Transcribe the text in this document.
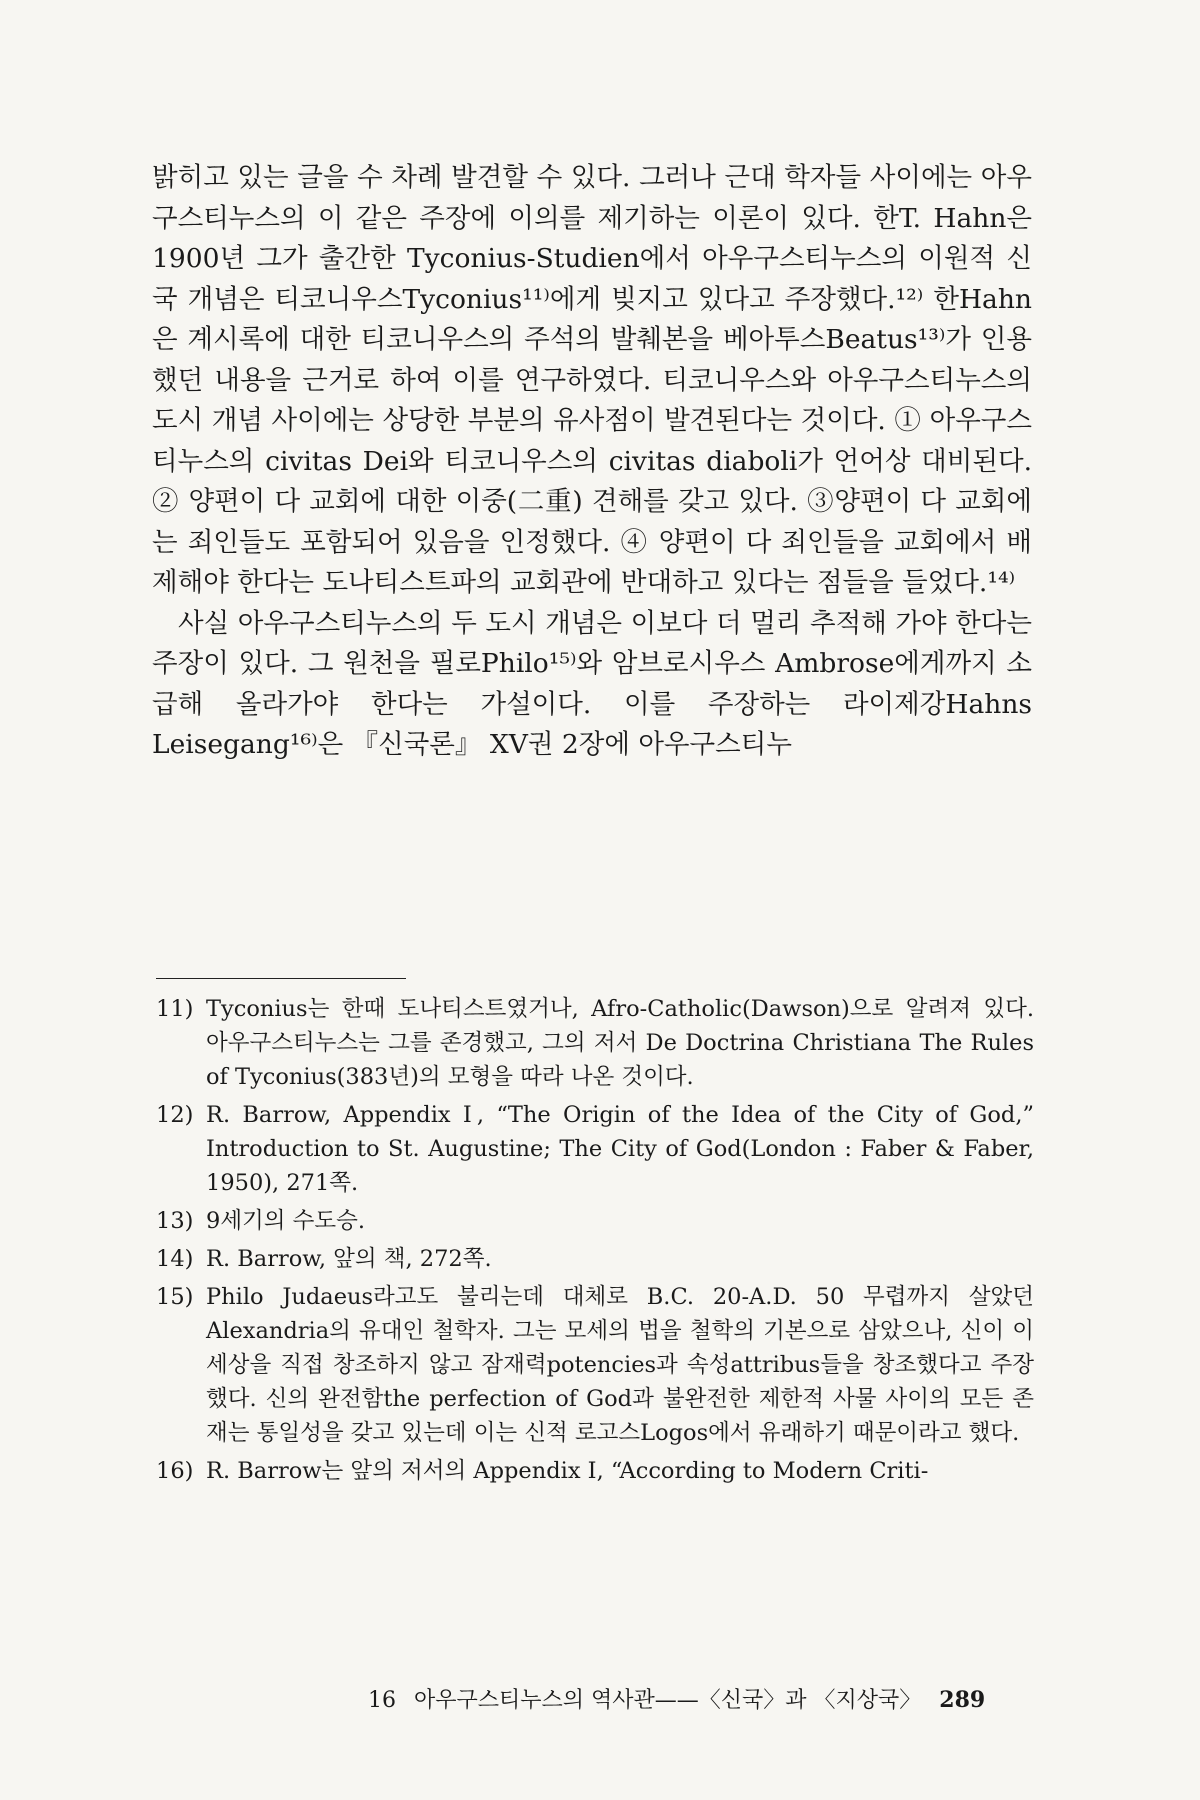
밝히고 있는 글을 수 차례 발견할 수 있다. 그러나 근대 학자들 사이에는 아우구스티누스의 이 같은 주장에 이의를 제기하는 이론이 있다. 한T. Hahn은 1900년 그가 출간한 Tyconius-Studien에서 아우구스티누스의 이원적 신국 개념은 티코니우스Tyconius¹¹⁾에게 빚지고 있다고 주장했다.¹²⁾ 한Hahn은 계시록에 대한 티코니우스의 주석의 발췌본을 베아투스Beatus¹³⁾가 인용했던 내용을 근거로 하여 이를 연구하였다. 티코니우스와 아우구스티누스의 도시 개념 사이에는 상당한 부분의 유사점이 발견된다는 것이다. ① 아우구스티누스의 civitas Dei와 티코니우스의 civitas diaboli가 언어상 대비된다. ② 양편이 다 교회에 대한 이중(二重) 견해를 갖고 있다. ③양편이 다 교회에는 죄인들도 포함되어 있음을 인정했다. ④ 양편이 다 죄인들을 교회에서 배제해야 한다는 도나티스트파의 교회관에 반대하고 있다는 점들을 들었다.¹⁴⁾

사실 아우구스티누스의 두 도시 개념은 이보다 더 멀리 추적해 가야 한다는 주장이 있다. 그 원천을 필로Philo¹⁵⁾와 암브로시우스 Ambrose에게까지 소급해 올라가야 한다는 가설이다. 이를 주장하는 라이제강Hahns Leisegang¹⁶⁾은 『신국론』 XV권 2장에 아우구스티누

11) Tyconius는 한때 도나티스트였거나, Afro-Catholic(Dawson)으로 알려져 있다. 아우구스티누스는 그를 존경했고, 그의 저서 De Doctrina Christiana The Rules of Tyconius(383년)의 모형을 따라 나온 것이다.
12) R. Barrow, Appendix Ⅰ, “The Origin of the Idea of the City of God,” Introduction to St. Augustine; The City of God(London : Faber & Faber, 1950), 271쪽.
13) 9세기의 수도승.
14) R. Barrow, 앞의 책, 272쪽.
15) Philo Judaeus라고도 불리는데 대체로 B.C. 20-A.D. 50 무렵까지 살았던 Alexandria의 유대인 철학자. 그는 모세의 법을 철학의 기본으로 삼았으나, 신이 이 세상을 직접 창조하지 않고 잠재력potencies과 속성attribus들을 창조했다고 주장했다. 신의 완전함the perfection of God과 불완전한 제한적 사물 사이의 모든 존재는 통일성을 갖고 있는데 이는 신적 로고스Logos에서 유래하기 때문이라고 했다.
16) R. Barrow는 앞의 저서의 Appendix Ⅰ, “According to Modern Criti-
16 아우구스티누스의 역사관——〈신국〉과 〈지상국〉 289
